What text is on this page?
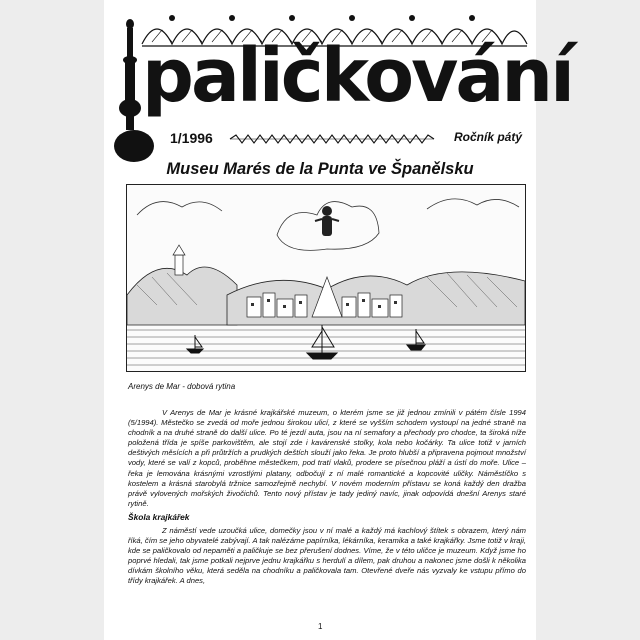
paličkování
1/1996	Ročník pátý
Museu Marés de la Punta ve Španělsku
Arenys de Mar - dobová rytina

V Arenys de Mar je krásné krajkářské muzeum, o kterém jsme se již jednou zmínili v pátém čísle 1994 (5/1994). Městečko se zvedá od moře jednou širokou ulicí, z které se vyšším schodem vystoupí na jedné straně na chodník a na druhé straně do další ulice. Po té jezdí auta, jsou na ní semafory a přechody pro chodce, ta široká níže položená třída je spíše parkovištěm, ale stojí zde i kavárenské stolky, kola nebo kočárky. Ta ulice totiž v jarních deštivých měsících a při průtržích a prudkých deštích slouží jako řeka. Je proto hlubší a připravena pojmout množství vody, které se valí z kopců, proběhne městečkem, pod tratí vlaků, prodere se písečnou pláží a ústí do moře. Ulice – řeka je lemována krásnými vzrostlými platany, odbočují z ní malé romantické a kopcovité uličky. Náměstíčko s kostelem a krásná starobylá tržnice samozřejmě nechybí. V novém moderním přístavu se koná každý den dražba právě vylovených mořských živočichů. Tento nový přístav je tady jediný navíc, jinak odpovídá dnešní Arenys staré rytině.

Škola krajkářek

Z náměstí vede uzoučká ulice, domečky jsou v ní malé a každý má kachlový štítek s obrazem, který nám říká, čím se jeho obyvatelé zabývají. A tak nalézáme papírníka, lékárníka, keramika a také krajkářky. Jsme totiž v kraji, kde se paličkovalo od nepaměti a paličkuje se bez přerušení dodnes. Víme, že v této uličce je muzeum. Když jsme ho poprvé hledali, tak jsme potkali nejprve jednu krajkářku s herdulí a dílem, pak druhou a nakonec jsme došli k několika dívkám školního věku, která seděla na chodníku a paličkovala tam. Otevřené dveře nás vyzvaly ke vstupu přímo do třídy krajkářek. A dnes,

1
